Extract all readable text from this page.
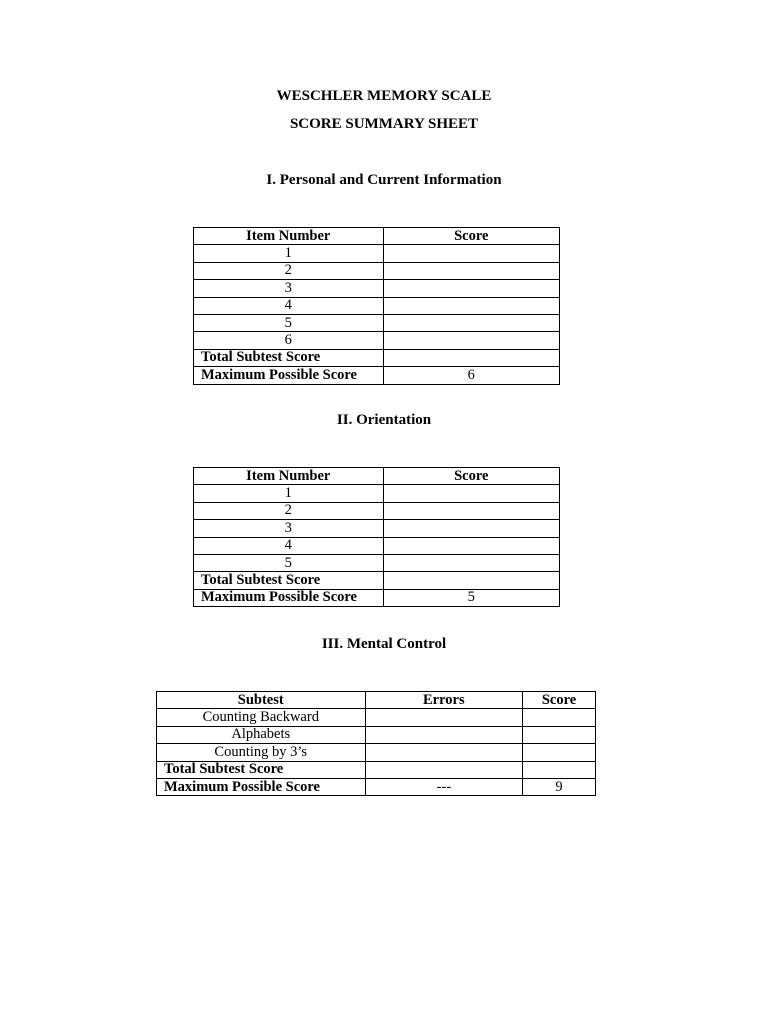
WESCHLER MEMORY SCALE
SCORE SUMMARY SHEET
I. Personal and Current Information
Item Number	Score
1	
2	
3	
4	
5	
6	
Total Subtest Score	
Maximum Possible Score	6
II. Orientation
Item Number	Score
1	
2	
3	
4	
5	
Total Subtest Score	
Maximum Possible Score	5
III. Mental Control
Subtest	Errors	Score
Counting Backward		
Alphabets		
Counting by 3’s		
Total Subtest Score		
Maximum Possible Score	---	9
